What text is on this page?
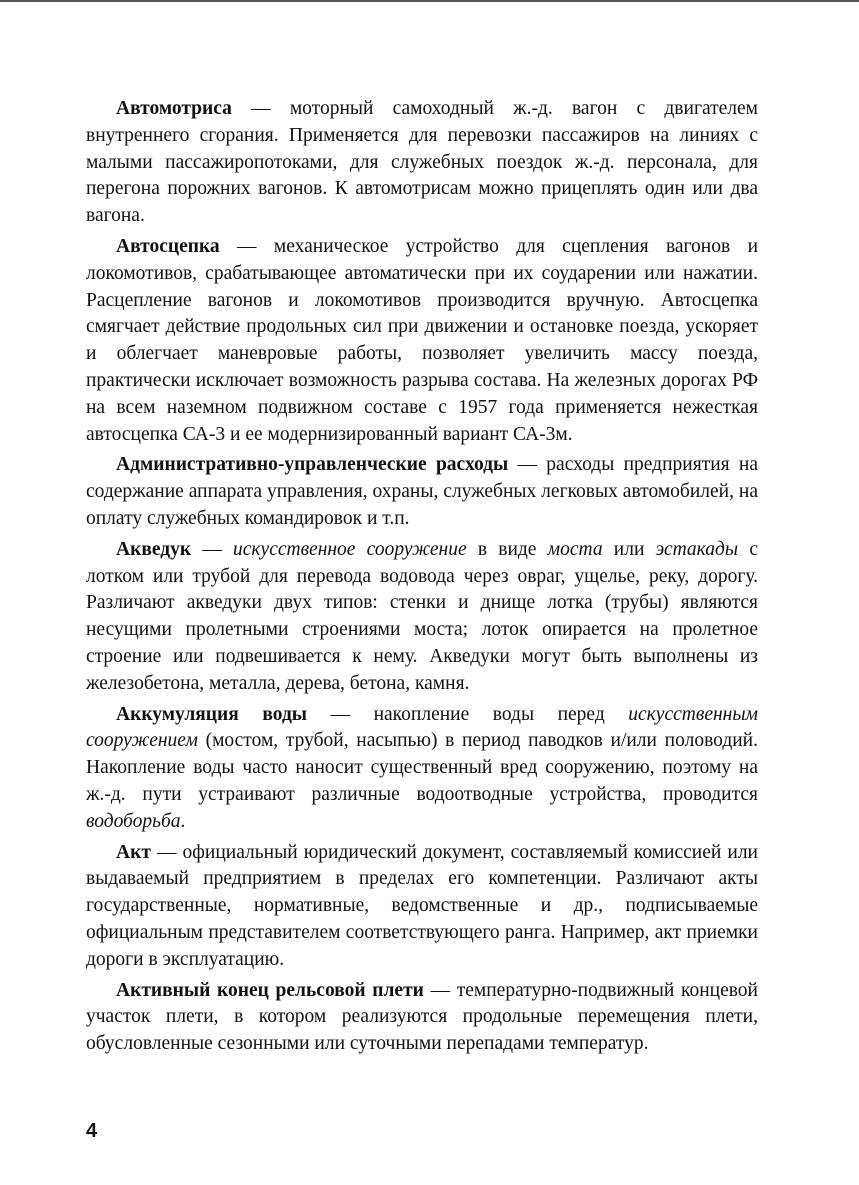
Автомотриса — моторный самоходный ж.-д. вагон с двигателем внутреннего сгорания. Применяется для перевозки пассажиров на линиях с малыми пассажиропотоками, для служебных поездок ж.-д. персонала, для перегона порожних вагонов. К автомотрисам можно прицеплять один или два вагона.

Автосцепка — механическое устройство для сцепления вагонов и локомотивов, срабатывающее автоматически при их соударении или нажатии. Расцепление вагонов и локомотивов производится вручную. Автосцепка смягчает действие продольных сил при движении и остановке поезда, ускоряет и облегчает маневровые работы, позволяет увеличить массу поезда, практически исключает возможность разрыва состава. На железных дорогах РФ на всем наземном подвижном составе с 1957 года применяется нежесткая автосцепка СА-3 и ее модернизированный вариант СА-3м.

Административно-управленческие расходы — расходы предприятия на содержание аппарата управления, охраны, служебных легковых автомобилей, на оплату служебных командировок и т.п.

Акведук — искусственное сооружение в виде моста или эстакады с лотком или трубой для перевода водовода через овраг, ущелье, реку, дорогу. Различают акведуки двух типов: стенки и днище лотка (трубы) являются несущими пролетными строениями моста; лоток опирается на пролетное строение или подвешивается к нему. Акведуки могут быть выполнены из железобетона, металла, дерева, бетона, камня.

Аккумуляция воды — накопление воды перед искусственным сооружением (мостом, трубой, насыпью) в период паводков и/или половодий. Накопление воды часто наносит существенный вред сооружению, поэтому на ж.-д. пути устраивают различные водоотводные устройства, проводится водоборьба.

Акт — официальный юридический документ, составляемый комиссией или выдаваемый предприятием в пределах его компетенции. Различают акты государственные, нормативные, ведомственные и др., подписываемые официальным представителем соответствующего ранга. Например, акт приемки дороги в эксплуатацию.

Активный конец рельсовой плети — температурно-подвижный концевой участок плети, в котором реализуются продольные перемещения плети, обусловленные сезонными или суточными перепадами температур.

4
